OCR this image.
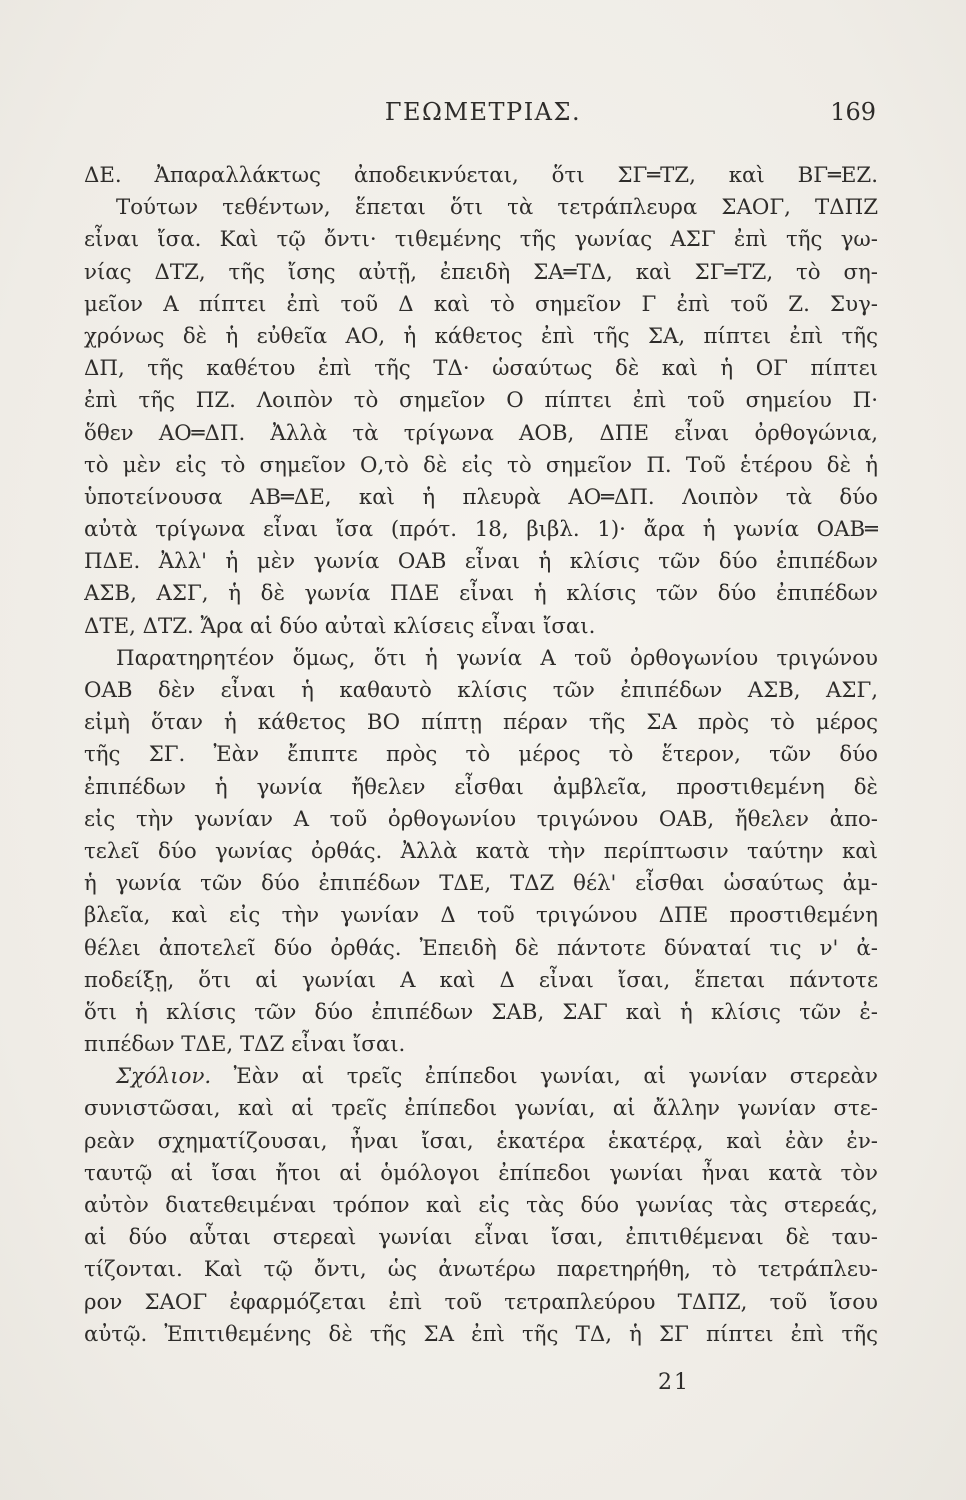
ΓΕΩΜΕΤΡΙΑΣ.	169
ΔΕ. Ἀπαραλλάκτως ἀποδεικνύεται, ὅτι ΣΓ═ΤΖ, καὶ ΒΓ═ΕΖ.
Τούτων τεθέντων, ἕπεται ὅτι τὰ τετράπλευρα ΣΑΟΓ, ΤΔΠΖ
εἶναι ἴσα. Καὶ τῷ ὄντι· τιθεμένης τῆς γωνίας ΑΣΓ ἐπὶ τῆς γω-
νίας ΔΤΖ, τῆς ἴσης αὐτῇ, ἐπειδὴ ΣΑ═ΤΔ, καὶ ΣΓ═ΤΖ, τὸ ση-
μεῖον Α πίπτει ἐπὶ τοῦ Δ καὶ τὸ σημεῖον Γ ἐπὶ τοῦ Ζ. Συγ-
χρόνως δὲ ἡ εὐθεῖα ΑΟ, ἡ κάθετος ἐπὶ τῆς ΣΑ, πίπτει ἐπὶ τῆς
ΔΠ, τῆς καθέτου ἐπὶ τῆς ΤΔ· ὡσαύτως δὲ καὶ ἡ ΟΓ πίπτει
ἐπὶ τῆς ΠΖ. Λοιπὸν τὸ σημεῖον Ο πίπτει ἐπὶ τοῦ σημείου Π·
ὅθεν ΑΟ═ΔΠ. Ἀλλὰ τὰ τρίγωνα ΑΟΒ, ΔΠΕ εἶναι ὀρθογώνια,
τὸ μὲν εἰς τὸ σημεῖον Ο,τὸ δὲ εἰς τὸ σημεῖον Π. Τοῦ ἑτέρου δὲ ἡ
ὑποτείνουσα ΑΒ═ΔΕ, καὶ ἡ πλευρὰ ΑΟ═ΔΠ. Λοιπὸν τὰ δύο
αὐτὰ τρίγωνα εἶναι ἴσα (πρότ. 18, βιβλ. 1)· ἄρα ἡ γωνία ΟΑΒ═
ΠΔΕ. Ἀλλ' ἡ μὲν γωνία ΟΑΒ εἶναι ἡ κλίσις τῶν δύο ἐπιπέδων
ΑΣΒ, ΑΣΓ, ἡ δὲ γωνία ΠΔΕ εἶναι ἡ κλίσις τῶν δύο ἐπιπέδων
ΔΤΕ, ΔΤΖ. Ἄρα αἱ δύο αὐταὶ κλίσεις εἶναι ἴσαι.
Παρατηρητέον ὅμως, ὅτι ἡ γωνία Α τοῦ ὀρθογωνίου τριγώνου
ΟΑΒ δὲν εἶναι ἡ καθαυτὸ κλίσις τῶν ἐπιπέδων ΑΣΒ, ΑΣΓ,
εἰμὴ ὅταν ἡ κάθετος ΒΟ πίπτῃ πέραν τῆς ΣΑ πρὸς τὸ μέρος
τῆς ΣΓ. Ἐὰν ἔπιπτε πρὸς τὸ μέρος τὸ ἕτερον, τῶν δύο
ἐπιπέδων ἡ γωνία ἤθελεν εἶσθαι ἀμβλεῖα, προστιθεμένη δὲ
εἰς τὴν γωνίαν Α τοῦ ὀρθογωνίου τριγώνου ΟΑΒ, ἤθελεν ἀπο-
τελεῖ δύο γωνίας ὀρθάς. Ἀλλὰ κατὰ τὴν περίπτωσιν ταύτην καὶ
ἡ γωνία τῶν δύο ἐπιπέδων ΤΔΕ, ΤΔΖ θέλ' εἶσθαι ὡσαύτως ἀμ-
βλεῖα, καὶ εἰς τὴν γωνίαν Δ τοῦ τριγώνου ΔΠΕ προστιθεμένη
θέλει ἀποτελεῖ δύο ὀρθάς. Ἐπειδὴ δὲ πάντοτε δύναταί τις ν' ἀ-
ποδείξῃ, ὅτι αἱ γωνίαι Α καὶ Δ εἶναι ἴσαι, ἕπεται πάντοτε
ὅτι ἡ κλίσις τῶν δύο ἐπιπέδων ΣΑΒ, ΣΑΓ καὶ ἡ κλίσις τῶν ἐ-
πιπέδων ΤΔΕ, ΤΔΖ εἶναι ἴσαι.
Σχόλιον. Ἐὰν αἱ τρεῖς ἐπίπεδοι γωνίαι, αἱ γωνίαν στερεὰν
συνιστῶσαι, καὶ αἱ τρεῖς ἐπίπεδοι γωνίαι, αἱ ἄλλην γωνίαν στε-
ρεὰν σχηματίζουσαι, ἦναι ἴσαι, ἑκατέρα ἑκατέρᾳ, καὶ ἐὰν ἐν-
ταυτῷ αἱ ἴσαι ἤτοι αἱ ὁμόλογοι ἐπίπεδοι γωνίαι ἦναι κατὰ τὸν
αὐτὸν διατεθειμέναι τρόπον καὶ εἰς τὰς δύο γωνίας τὰς στερεάς,
αἱ δύο αὗται στερεαὶ γωνίαι εἶναι ἴσαι, ἐπιτιθέμεναι δὲ ταυ-
τίζονται. Καὶ τῷ ὄντι, ὡς ἀνωτέρω παρετηρήθη, τὸ τετράπλευ-
ρον ΣΑΟΓ ἐφαρμόζεται ἐπὶ τοῦ τετραπλεύρου ΤΔΠΖ, τοῦ ἴσου
αὐτῷ. Ἐπιτιθεμένης δὲ τῆς ΣΑ ἐπὶ τῆς ΤΔ, ἡ ΣΓ πίπτει ἐπὶ τῆς
21
